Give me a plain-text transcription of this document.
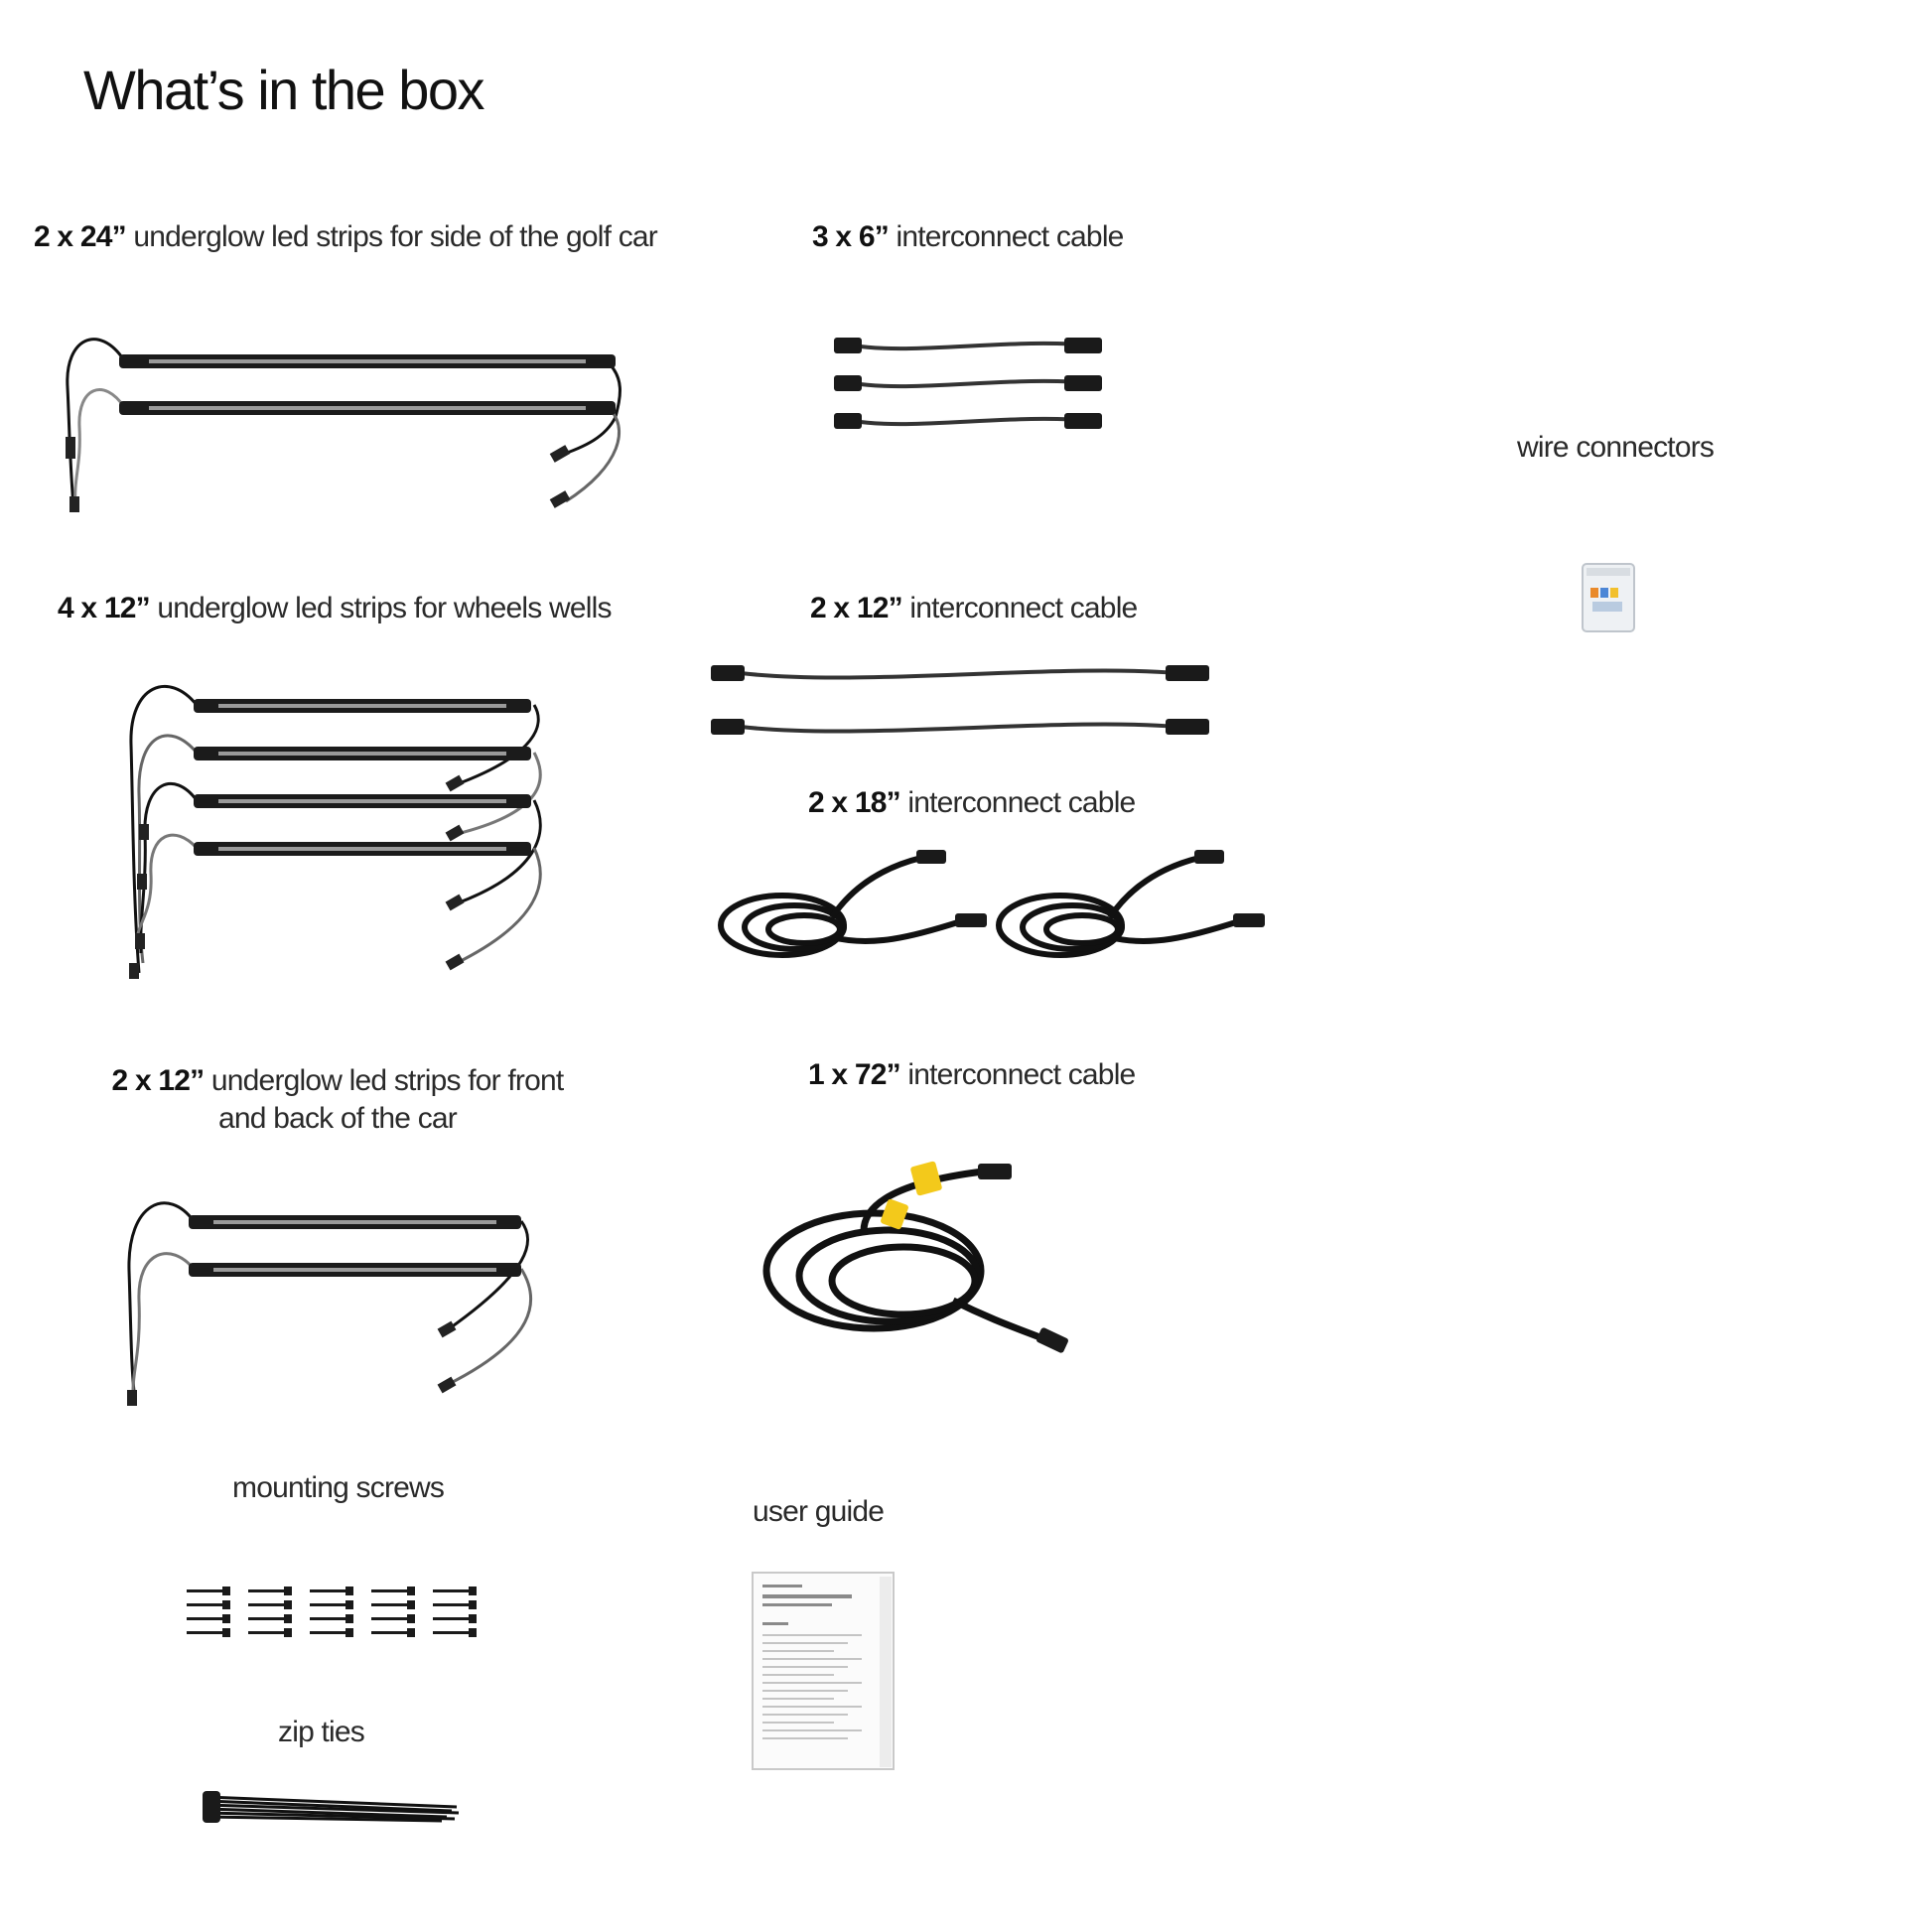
What’s in the box
2 x 24” underglow led strips for side of the golf car	3 x 6” interconnect cable
wire connectors
4 x 12” underglow led strips for wheels wells	2 x 12” interconnect cable
2 x 18” interconnect cable
2 x 12” underglow led strips for front and back of the car
1 x 72” interconnect cable
mounting screws
user guide
zip ties
